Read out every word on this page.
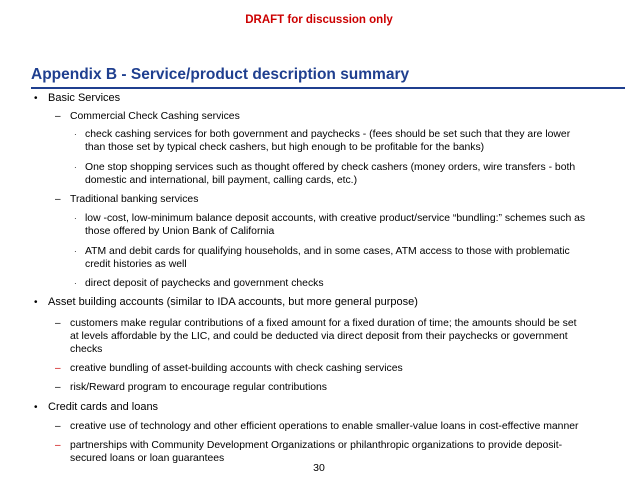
DRAFT for discussion only
Appendix B - Service/product description summary
• Basic Services
– Commercial Check Cashing services
· check cashing services for both government and paychecks - (fees should be set such that they are lower
than those set by typical check cashers, but high enough to be profitable for the banks)
· One stop shopping services such as thought offered by check cashers (money orders, wire transfers - both
domestic and international, bill payment, calling cards, etc.)
– Traditional banking services
· low -cost, low-minimum balance deposit accounts, with creative product/service “bundling:” schemes such as
those offered by Union Bank of California
· ATM and debit cards for qualifying households, and in some cases, ATM access to those with problematic
credit histories as well
· direct deposit of paychecks and government checks
• Asset building accounts (similar to IDA accounts, but more general purpose)
– customers make regular contributions of a fixed amount for a fixed duration of time; the amounts should be set
at levels affordable by the LIC, and could be deducted via direct deposit from their paychecks or government
checks
– creative bundling of asset-building accounts with check cashing services
– risk/Reward program to encourage regular contributions
• Credit cards and loans
– creative use of technology and other efficient operations to enable smaller-value loans in cost-effective manner
– partnerships with Community Development Organizations or philanthropic organizations to provide deposit-
secured loans or loan guarantees
30
